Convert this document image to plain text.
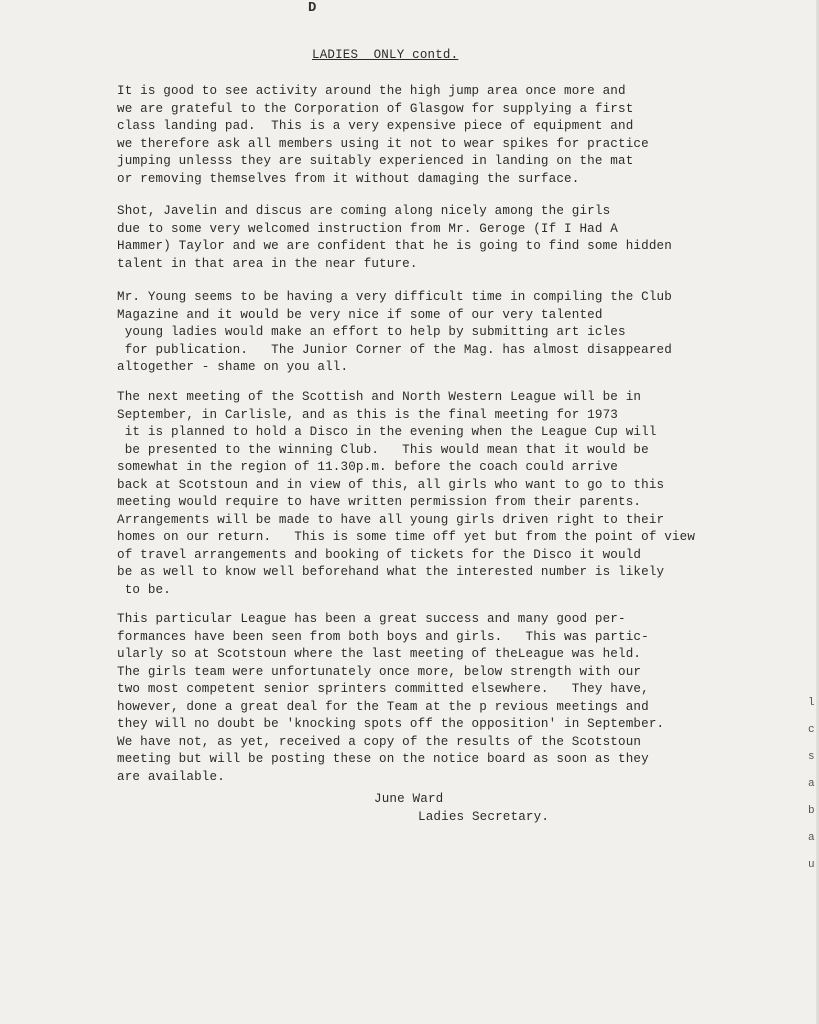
D
LADIES  ONLY contd.
It is good to see activity around the high jump area once more and
we are grateful to the Corporation of Glasgow for supplying a first
class landing pad.  This is a very expensive piece of equipment and
we therefore ask all members using it not to wear spikes for practice
jumping unlesss they are suitably experienced in landing on the mat
or removing themselves from it without damaging the surface.
Shot, Javelin and discus are coming along nicely among the girls
due to some very welcomed instruction from Mr. Geroge (If I Had A
Hammer) Taylor and we are confident that he is going to find some hidden
talent in that area in the near future.
Mr. Young seems to be having a very difficult time in compiling the Club
Magazine and it would be very nice if some of our very talented
young ladies would make an effort to help by submitting art icles
for publication.   The Junior Corner of the Mag. has almost disappeared
altogether - shame on you all.
The next meeting of the Scottish and North Western League will be in
September, in Carlisle, and as this is the final meeting for 1973
it is planned to hold a Disco in the evening when the League Cup will
be presented to the winning Club.   This would mean that it would be
somewhat in the region of 11.30p.m. before the coach could arrive
back at Scotstoun and in view of this, all girls who want to go to this
meeting would require to have written permission from their parents.
Arrangements will be made to have all young girls driven right to their
homes on our return.   This is some time off yet but from the point of view
of travel arrangements and booking of tickets for the Disco it would
be as well to know well beforehand what the interested number is likely
to be.
This particular League has been a great success and many good per-
formances have been seen from both boys and girls.   This was partic-
ularly so at Scotstoun where the last meeting of theLeague was held.
The girls team were unfortunately once more, below strength with our
two most competent senior sprinters committed elsewhere.   They have,
however, done a great deal for the Team at the p revious meetings and
they will no doubt be 'knocking spots off the opposition' in September.
We have not, as yet, received a copy of the results of the Scotstoun
meeting but will be posting these on the notice board as soon as they
are available.
June Ward
Ladies Secretary.
l
c
s
a
b
a
u
